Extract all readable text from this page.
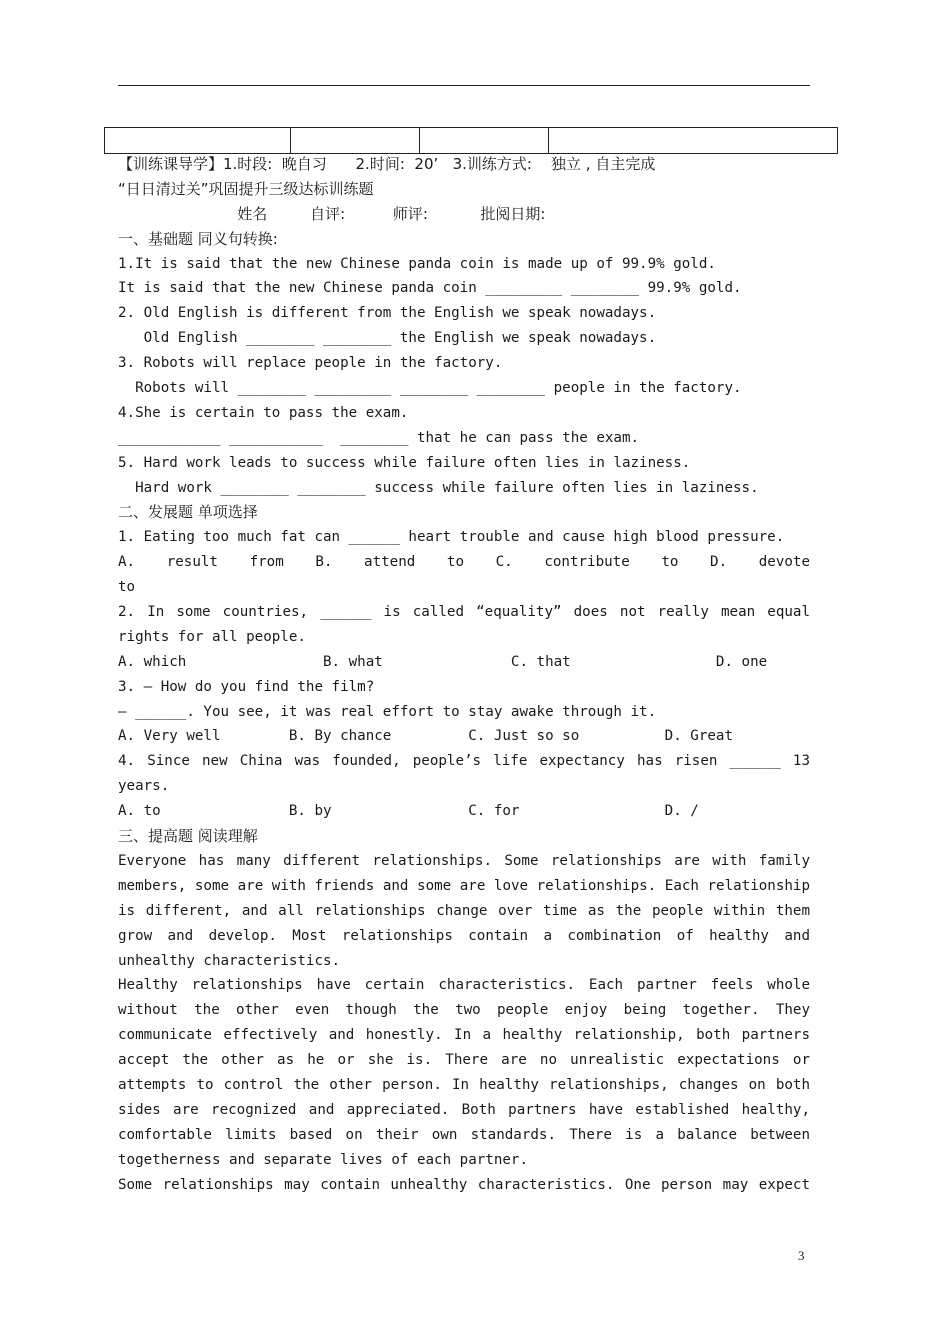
【训练课导学】1.时段:  晚自习      2.时间:  20’   3.训练方式:    独立 , 自主完成
“日日清过关”巩固提升三级达标训练题
姓名         自评:          师评:           批阅日期:
一、基础题 同义句转换:
1.It is said that the new Chinese panda coin is made up of 99.9% gold.
It is said that the new Chinese panda coin _________ ________ 99.9% gold.
2. Old English is different from the English we speak nowadays.
Old English ________ ________ the English we speak nowadays.
3. Robots will replace people in the factory.
Robots will ________ _________ ________ ________ people in the factory.
4.She is certain to pass the exam.
____________ ___________  ________ that he can pass the exam.
5. Hard work leads to success while failure often lies in laziness.
Hard work ________ ________ success while failure often lies in laziness.
二、发展题 单项选择
1. Eating too much fat can ______ heart trouble and cause high blood pressure.
A. result from B. attend to C. contribute to D. devote
to
2. In some countries, ______ is called “equality” does not really mean equal
rights for all people.
A. which                B. what               C. that                 D. one
3. — How do you find the film?
— ______. You see, it was real effort to stay awake through it.
A. Very well        B. By chance         C. Just so so          D. Great
4. Since new China was founded, people’s life expectancy has risen ______ 13
years.
A. to               B. by                C. for                 D. /
三、提高题 阅读理解
Everyone has many different relationships. Some relationships are with family
members, some are with friends and some are love relationships. Each relationship
is different, and all relationships change over time as the people within them
grow and develop. Most relationships contain a combination of healthy and
unhealthy characteristics.
Healthy relationships have certain characteristics. Each partner feels whole
without the other even though the two people enjoy being together. They
communicate effectively and honestly. In a healthy relationship, both partners
accept the other as he or she is. There are no unrealistic expectations or
attempts to control the other person. In healthy relationships, changes on both
sides are recognized and appreciated. Both partners have established healthy,
comfortable limits based on their own standards. There is a balance between
togetherness and separate lives of each partner.
Some relationships may contain unhealthy characteristics. One person may expect
3
